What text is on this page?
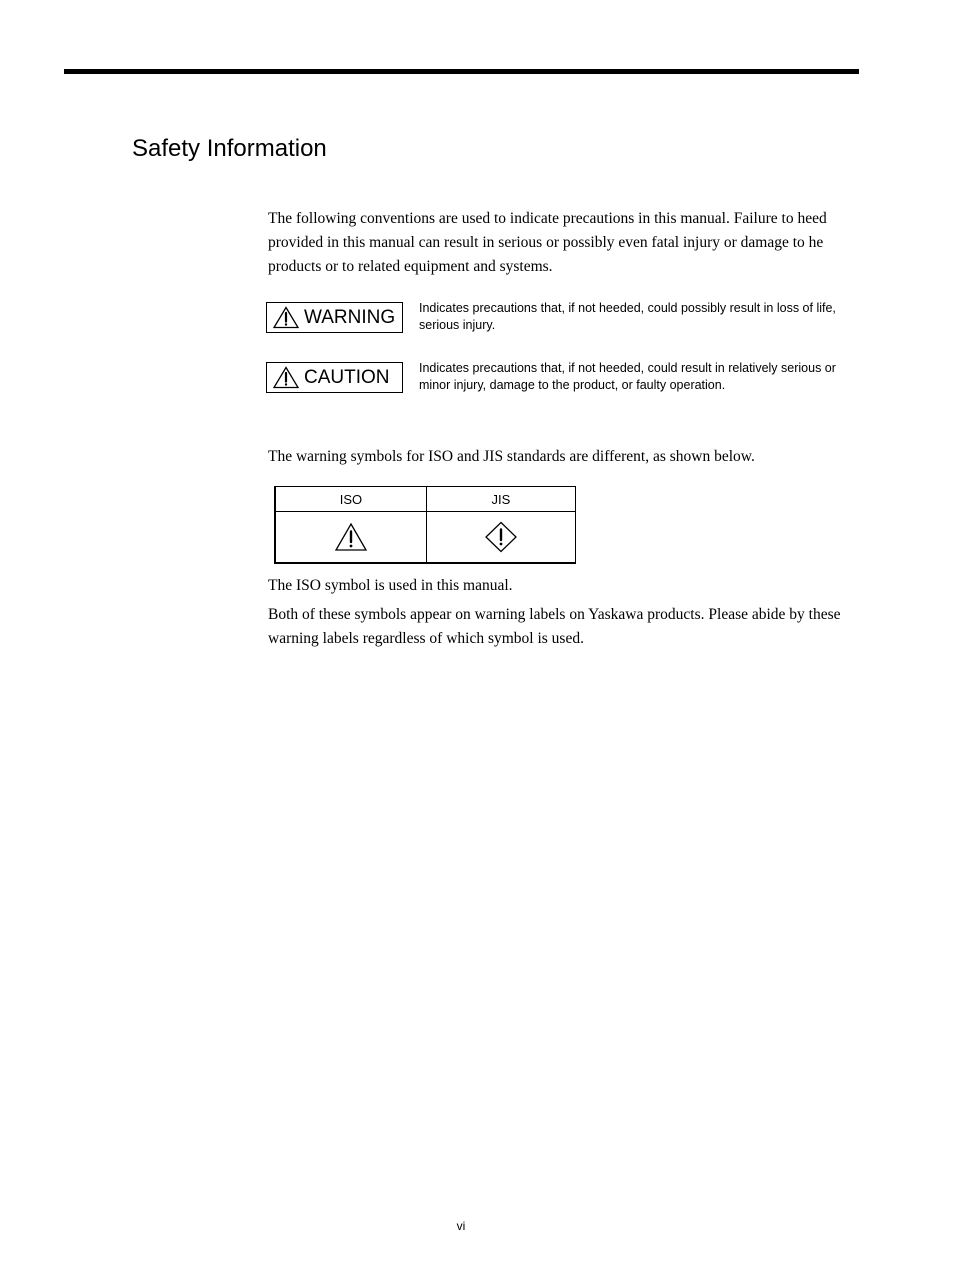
Safety Information

The following conventions are used to indicate precautions in this manual. Failure to heed provided in this manual can result in serious or possibly even fatal injury or damage to he products or to related equipment and systems.

WARNING Indicates precautions that, if not heeded, could possibly result in loss of life, serious injury.

CAUTION Indicates precautions that, if not heeded, could result in relatively serious or minor injury, damage to the product, or faulty operation.

The warning symbols for ISO and JIS standards are different, as shown below.

ISO	JIS

The ISO symbol is used in this manual.

Both of these symbols appear on warning labels on Yaskawa products. Please abide by these warning labels regardless of which symbol is used.

vi
